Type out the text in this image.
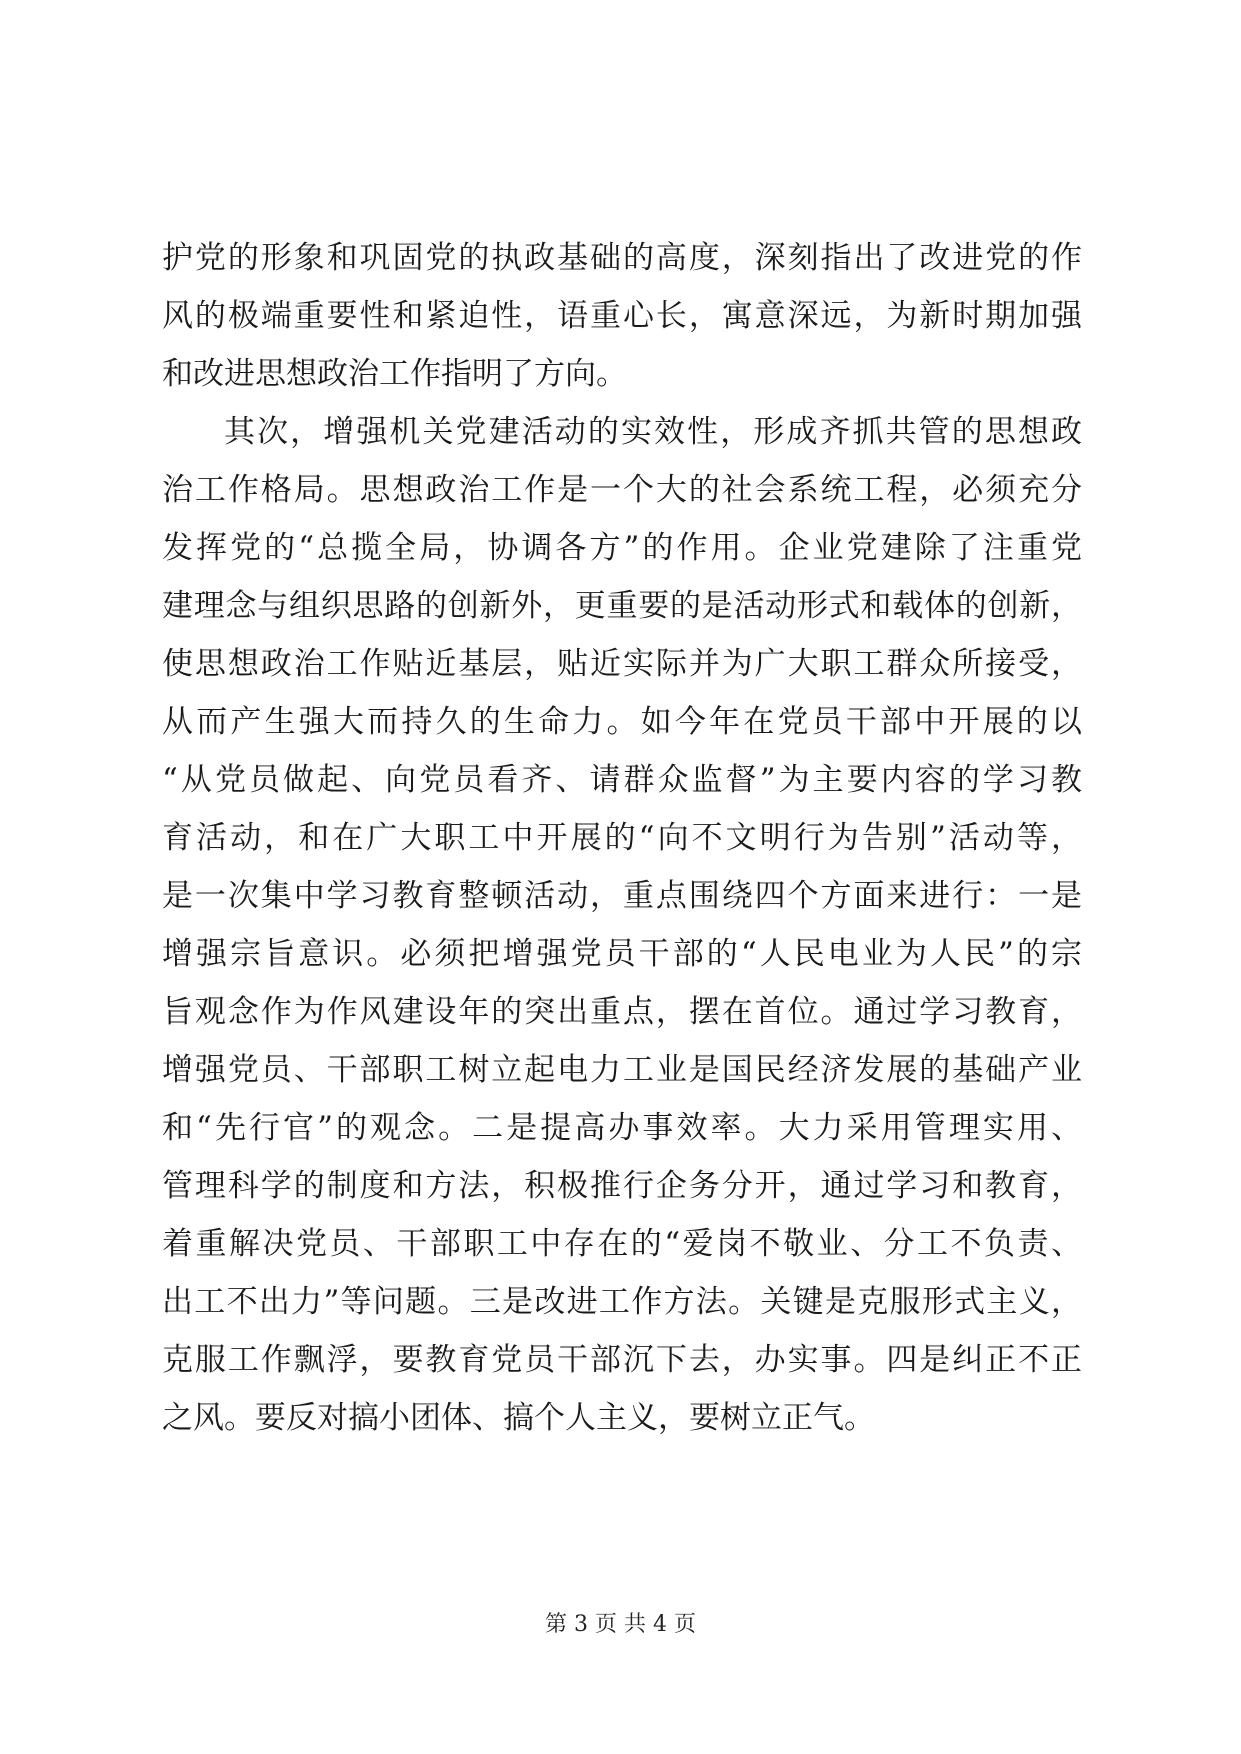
护党的形象和巩固党的执政基础的高度，深刻指出了改进党的作
风的极端重要性和紧迫性，语重心长，寓意深远，为新时期加强
和改进思想政治工作指明了方向。
其次，增强机关党建活动的实效性，形成齐抓共管的思想政
治工作格局。思想政治工作是一个大的社会系统工程，必须充分
发挥党的“总揽全局，协调各方”的作用。企业党建除了注重党
建理念与组织思路的创新外，更重要的是活动形式和载体的创新，
使思想政治工作贴近基层，贴近实际并为广大职工群众所接受，
从而产生强大而持久的生命力。如今年在党员干部中开展的以
“从党员做起、向党员看齐、请群众监督”为主要内容的学习教
育活动，和在广大职工中开展的“向不文明行为告别”活动等，
是一次集中学习教育整顿活动，重点围绕四个方面来进行：一是
增强宗旨意识。必须把增强党员干部的“人民电业为人民”的宗
旨观念作为作风建设年的突出重点，摆在首位。通过学习教育，
增强党员、干部职工树立起电力工业是国民经济发展的基础产业
和“先行官”的观念。二是提高办事效率。大力采用管理实用、
管理科学的制度和方法，积极推行企务分开，通过学习和教育，
着重解决党员、干部职工中存在的“爱岗不敬业、分工不负责、
出工不出力”等问题。三是改进工作方法。关键是克服形式主义，
克服工作飘浮，要教育党员干部沉下去，办实事。四是纠正不正
之风。要反对搞小团体、搞个人主义，要树立正气。
第 3 页 共 4 页
